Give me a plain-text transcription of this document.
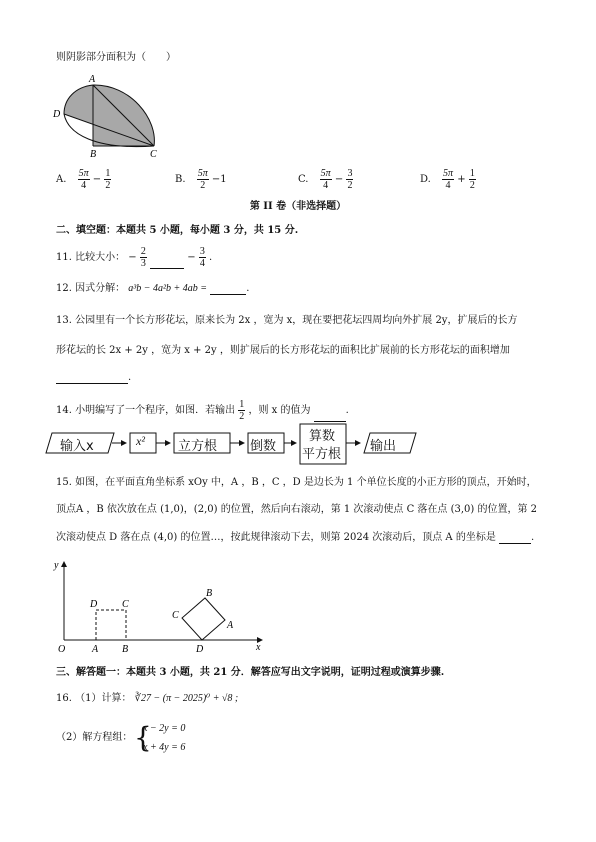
则阴影部分面积为（　　）
A
D
B	C
A. $\frac{5\pi}{4} - \frac{1}{2}$	B. $\frac{5\pi}{2} -1$	C. $\frac{5\pi}{4} - \frac{3}{2}$	D. $\frac{5\pi}{4} + \frac{1}{2}$
第 II 卷（非选择题）
二、填空题：本题共 5 小题，每小题 3 分，共 15 分.
11. 比较大小： − $\frac{2}{3}$	− $\frac{3}{4}$ .
12. 因式分解： a³b − 4a²b + 4ab =	.
13. 公园里有一个长方形花坛，原来长为 2x ，宽为 x，现在要把花坛四周均向外扩展 2y，扩展后的长方
形花坛的长 2x + 2y ，宽为 x + 2y ，则扩展后的长方形花坛的面积比扩展前的长方形花坛的面积增加
.
14. 小明编写了一个程序，如图．若输出 $\frac{1}{2}$ ，则 x 的值为	.
输入x	x²	立方根	倒数
算数
平方根
输出
15. 如图，在平面直角坐标系 xOy 中，A ，B ，C ，D 是边长为 1 个单位长度的小正方形的顶点，开始时，
顶点A ，B 依次放在点 (1,0)，(2,0) 的位置，然后向右滚动，第 1 次滚动使点 C 落在点 (3,0) 的位置，第 2
次滚动使点 D 落在点 (4,0) 的位置…，按此规律滚动下去，则第 2024 次滚动后，顶点 A 的坐标是	.
y
x
O	A B
D C
D
B
C
A
三、解答题一：本题共 3 小题，共 21 分．解答应写出文字说明，证明过程或演算步骤.
16. （1）计算： ∛27 − (π − 2025)⁰ + √8 ;
（2）解方程组： {
x − 2y = 0
x + 4y = 6
